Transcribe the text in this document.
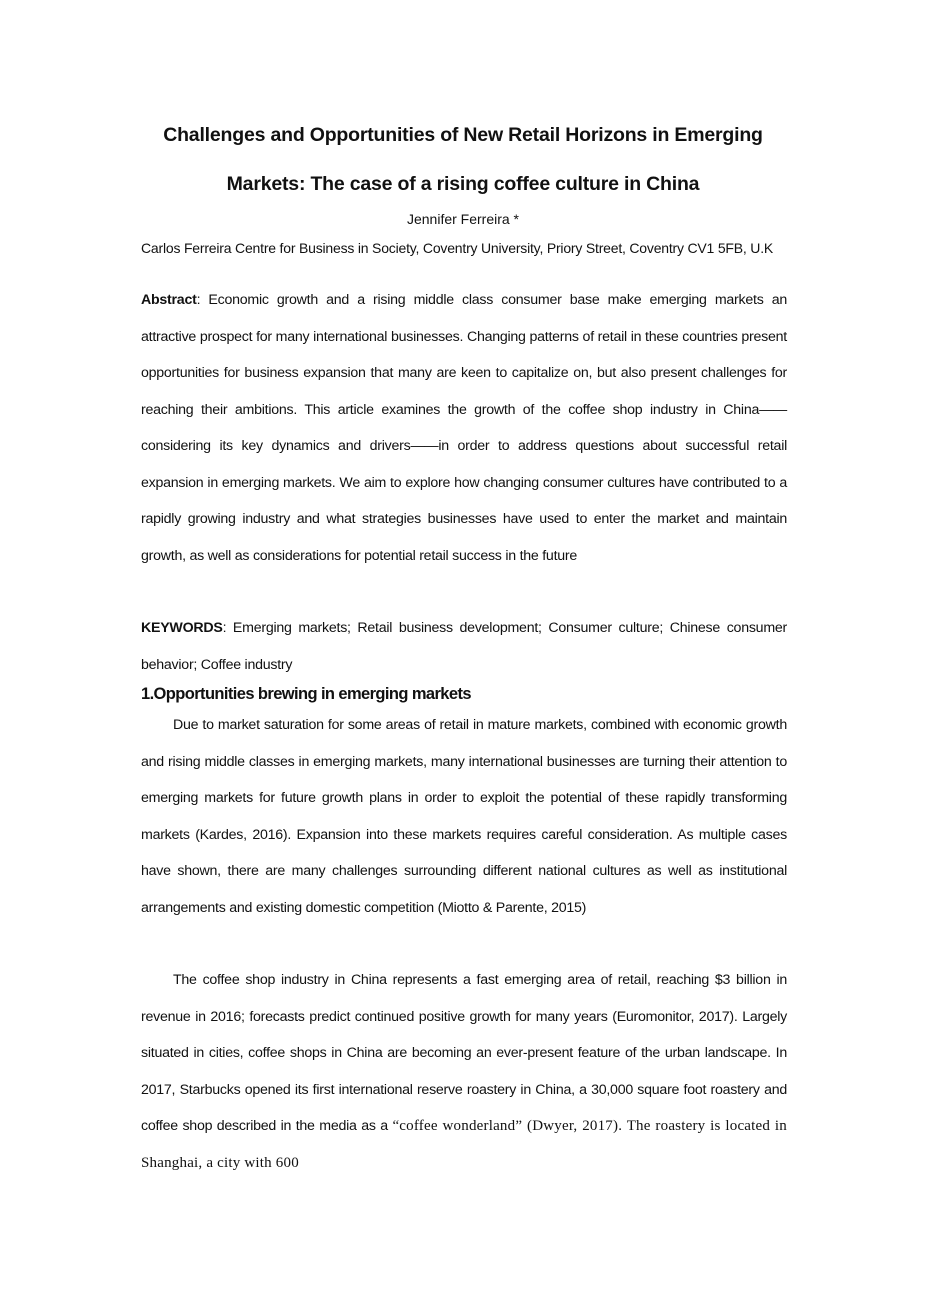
Challenges and Opportunities of New Retail Horizons in Emerging
Markets: The case of a rising coffee culture in China
Jennifer Ferreira *
Carlos Ferreira Centre for Business in Society, Coventry University, Priory Street, Coventry CV1 5FB, U.K

Abstract: Economic growth and a rising middle class consumer base make emerging markets an attractive prospect for many international businesses. Changing patterns of retail in these countries present opportunities for business expansion that many are keen to capitalize on, but also present challenges for reaching their ambitions. This article examines the growth of the coffee shop industry in China——considering its key dynamics and drivers——in order to address questions about successful retail expansion in emerging markets. We aim to explore how changing consumer cultures have contributed to a rapidly growing industry and what strategies businesses have used to enter the market and maintain growth, as well as considerations for potential retail success in the future

KEYWORDS: Emerging markets; Retail business development; Consumer culture; Chinese consumer behavior; Coffee industry

1.Opportunities brewing in emerging markets

Due to market saturation for some areas of retail in mature markets, combined with economic growth and rising middle classes in emerging markets, many international businesses are turning their attention to emerging markets for future growth plans in order to exploit the potential of these rapidly transforming markets (Kardes, 2016). Expansion into these markets requires careful consideration. As multiple cases have shown, there are many challenges surrounding different national cultures as well as institutional arrangements and existing domestic competition (Miotto & Parente, 2015)

The coffee shop industry in China represents a fast emerging area of retail, reaching $3 billion in revenue in 2016; forecasts predict continued positive growth for many years (Euromonitor, 2017). Largely situated in cities, coffee shops in China are becoming an ever-present feature of the urban landscape. In 2017, Starbucks opened its first international reserve roastery in China, a 30,000 square foot roastery and coffee shop described in the media as a “coffee wonderland” (Dwyer, 2017). The roastery is located in Shanghai, a city with 600
